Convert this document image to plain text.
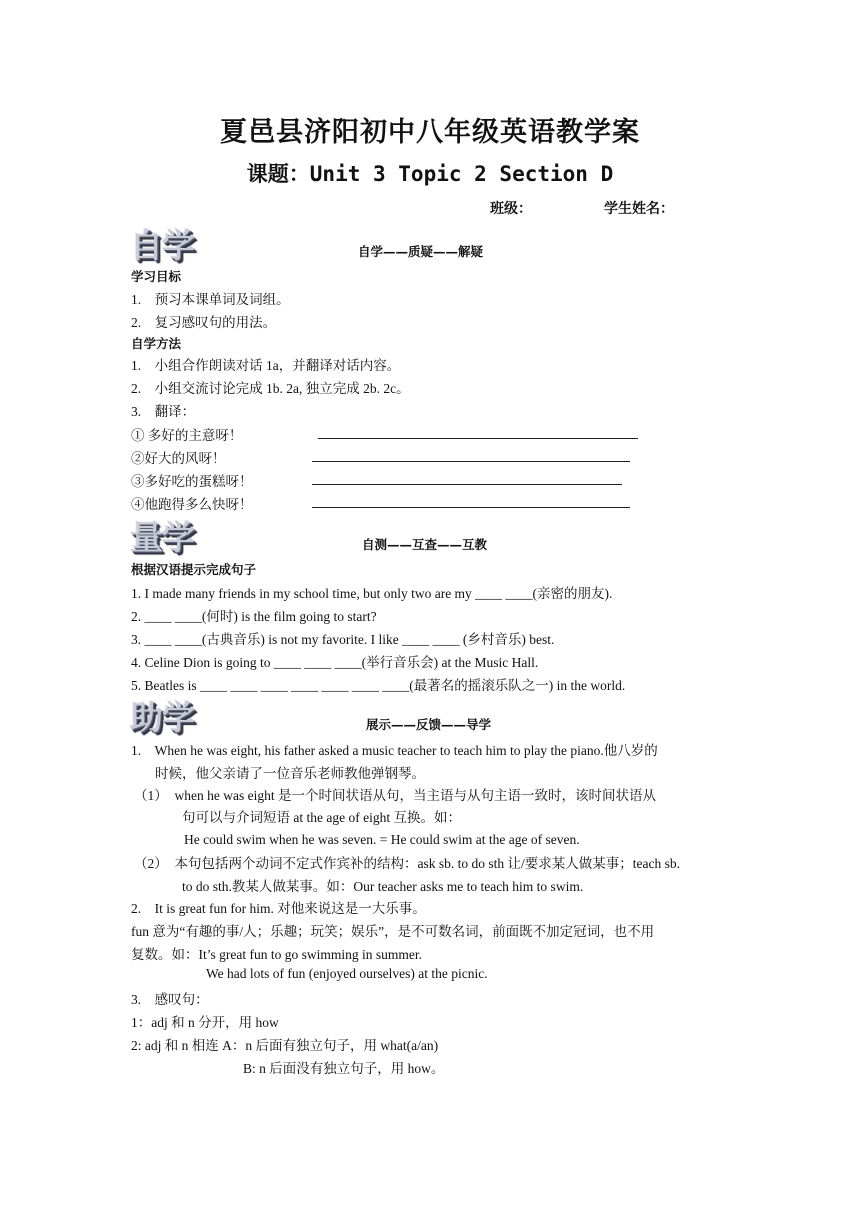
夏邑县济阳初中八年级英语教学案
课题：Unit 3 Topic 2 Section D
班级：	学生姓名：
自学	自学——质疑——解疑
学习目标
1.　预习本课单词及词组。
2.　复习感叹句的用法。
自学方法
1.　小组合作朗读对话 1a，并翻译对话内容。
2.　小组交流讨论完成 1b. 2a, 独立完成 2b. 2c。
3.　翻译：
① 多好的主意呀！
②好大的风呀！
③多好吃的蛋糕呀！
④他跑得多么快呀！
量学	自测——互查——互教
根据汉语提示完成句子
1. I made many friends in my school time, but only two are my ____ ____(亲密的朋友).
2. ____ ____(何时) is the film going to start?
3. ____ ____(古典音乐) is not my favorite. I like ____ ____ (乡村音乐) best.
4. Celine Dion is going to ____ ____ ____(举行音乐会) at the Music Hall.
5. Beatles is ____ ____ ____ ____ ____ ____ ____(最著名的摇滚乐队之一) in the world.
助学	展示——反馈——导学
1.　When he was eight, his father asked a music teacher to teach him to play the piano.他八岁的
时候，他父亲请了一位音乐老师教他弹钢琴。
（1）　when he was eight 是一个时间状语从句，当主语与从句主语一致时，该时间状语从
句可以与介词短语 at the age of eight 互换。如：
He could swim when he was seven. = He could swim at the age of seven.
（2）　本句包括两个动词不定式作宾补的结构：ask sb. to do sth 让/要求某人做某事；teach sb.
to do sth.教某人做某事。如：Our teacher asks me to teach him to swim.
2.　It is great fun for him. 对他来说这是一大乐事。
fun 意为“有趣的事/人；乐趣；玩笑；娱乐”，是不可数名词，前面既不加定冠词，也不用
复数。如：It’s great fun to go swimming in summer.
We had lots of fun (enjoyed ourselves) at the picnic.
3.　感叹句：
1：adj 和 n 分开，用 how
2: adj 和 n 相连 A：n 后面有独立句子，用 what(a/an)
B: n 后面没有独立句子，用 how。
